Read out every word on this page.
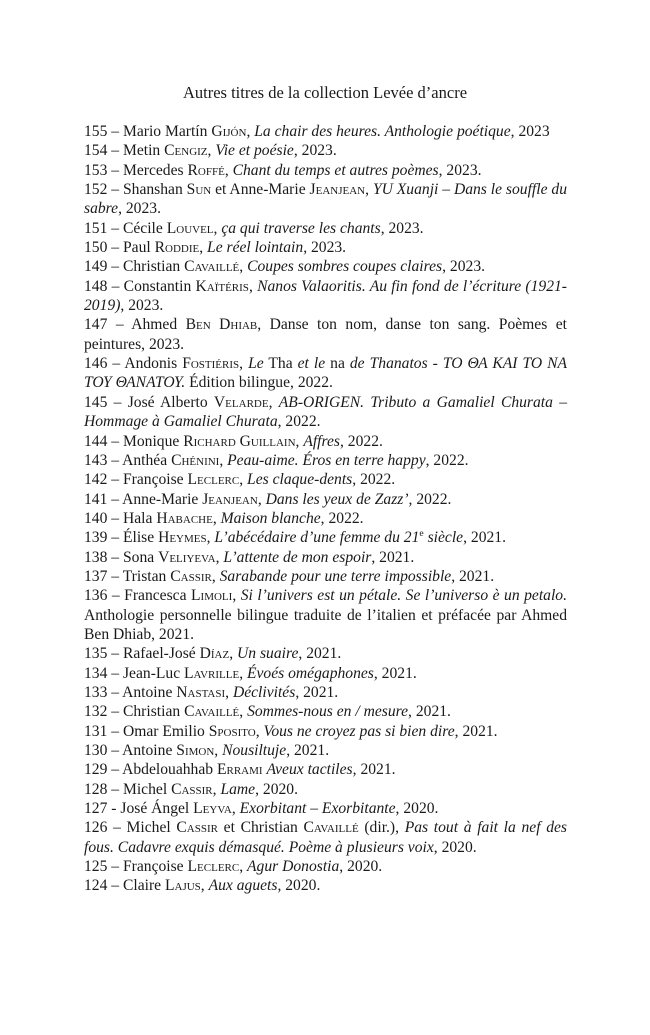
Autres titres de la collection Levée d’ancre
155 – Mario Martín Gijón, La chair des heures. Anthologie poétique, 2023
154 – Metin Cengiz, Vie et poésie, 2023.
153 – Mercedes Roffé, Chant du temps et autres poèmes, 2023.
152 – Shanshan Sun et Anne-Marie Jeanjean, YU Xuanji – Dans le souffle du sabre, 2023.
151 – Cécile Louvel, ça qui traverse les chants, 2023.
150 – Paul Roddie, Le réel lointain, 2023.
149 – Christian Cavaillé, Coupes sombres coupes claires, 2023.
148 – Constantin Kaïtéris, Nanos Valaoritis. Au fin fond de l’écriture (1921-2019), 2023.
147 – Ahmed Ben Dhiab, Danse ton nom, danse ton sang. Poèmes et peintures, 2023.
146 – Andonis Fostiéris, Le Tha et le na de Thanatos - ΤΟ ΘΑ ΚΑΙ ΤΟ ΝΑ ΤΟΥ ΘΑΝΑΤΟΥ. Édition bilingue, 2022.
145 – José Alberto Velarde, AB-ORIGEN. Tributo a Gamaliel Churata – Hommage à Gamaliel Churata, 2022.
144 – Monique Richard Guillain, Affres, 2022.
143 – Anthéa Chénini, Peau-aime. Éros en terre happy, 2022.
142 – Françoise Leclerc, Les claque-dents, 2022.
141 – Anne-Marie Jeanjean, Dans les yeux de Zazz’, 2022.
140 – Hala Habache, Maison blanche, 2022.
139 – Élise Heymes, L’abécédaire d’une femme du 21e siècle, 2021.
138 – Sona Veliyeva, L’attente de mon espoir, 2021.
137 – Tristan Cassir, Sarabande pour une terre impossible, 2021.
136 – Francesca Limoli, Si l’univers est un pétale. Se l’universo è un petalo. Anthologie personnelle bilingue traduite de l’italien et préfacée par Ahmed Ben Dhiab, 2021.
135 – Rafael-José Díaz, Un suaire, 2021.
134 – Jean-Luc Lavrille, Évoés omégaphones, 2021.
133 – Antoine Nastasi, Déclivités, 2021.
132 – Christian Cavaillé, Sommes-nous en / mesure, 2021.
131 – Omar Emilio Sposito, Vous ne croyez pas si bien dire, 2021.
130 – Antoine Simon, Nousiltuje, 2021.
129 – Abdelouahhab Errami Aveux tactiles, 2021.
128 – Michel Cassir, Lame, 2020.
127 - José Ángel Leyva, Exorbitant – Exorbitante, 2020.
126 – Michel Cassir et Christian Cavaillé (dir.), Pas tout à fait la nef des fous. Cadavre exquis démasqué. Poème à plusieurs voix, 2020.
125 – Françoise Leclerc, Agur Donostia, 2020.
124 – Claire Lajus, Aux aguets, 2020.
